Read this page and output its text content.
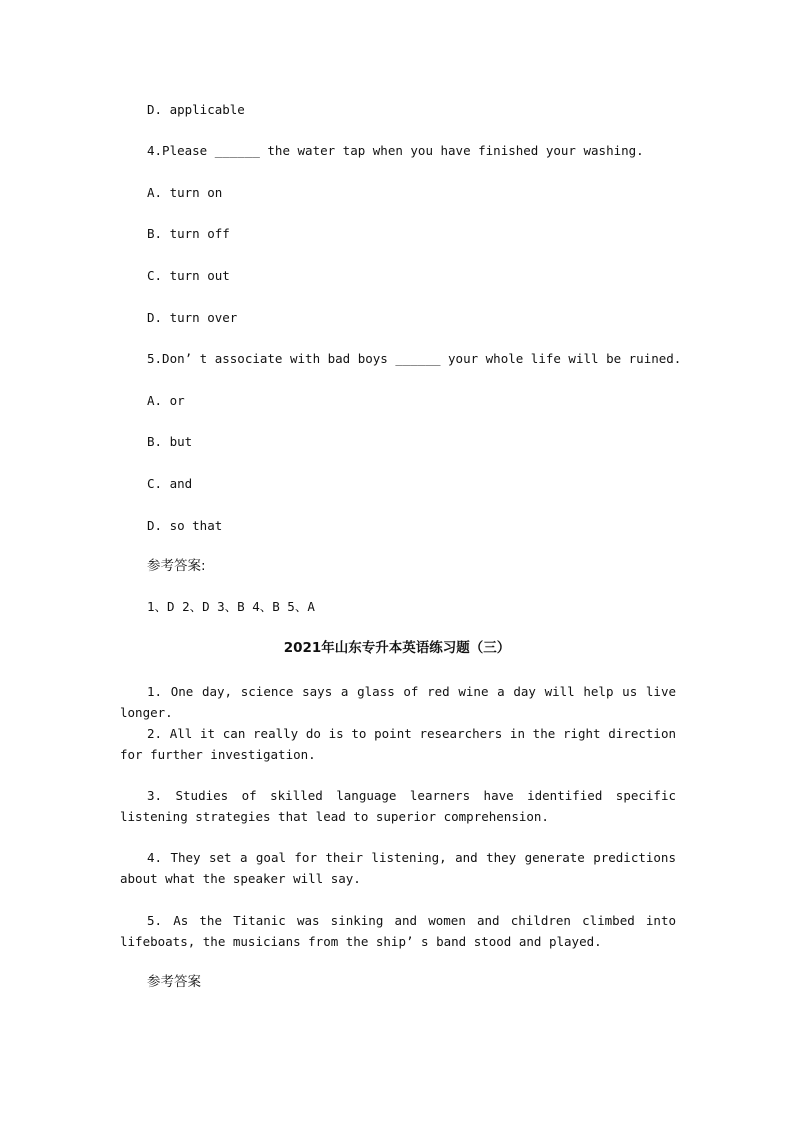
D. applicable
4.Please ______ the water tap when you have finished your washing.
A. turn on
B. turn off
C. turn out
D. turn over
5.Don’ t associate with bad boys ______ your whole life will be ruined.
A. or
B. but
C. and
D. so that
参考答案:
1、D 2、D 3、B 4、B 5、A
2021年山东专升本英语练习题（三）
1. One day, science says a glass of red wine a day will help us live longer.
2. All it can really do is to point researchers in the right direction for further investigation.
3. Studies of skilled language learners have identified specific listening strategies that lead to superior comprehension.
4. They set a goal for their listening, and they generate predictions about what the speaker will say.
5. As the Titanic was sinking and women and children climbed into lifeboats, the musicians from the ship’ s band stood and played.
参考答案
